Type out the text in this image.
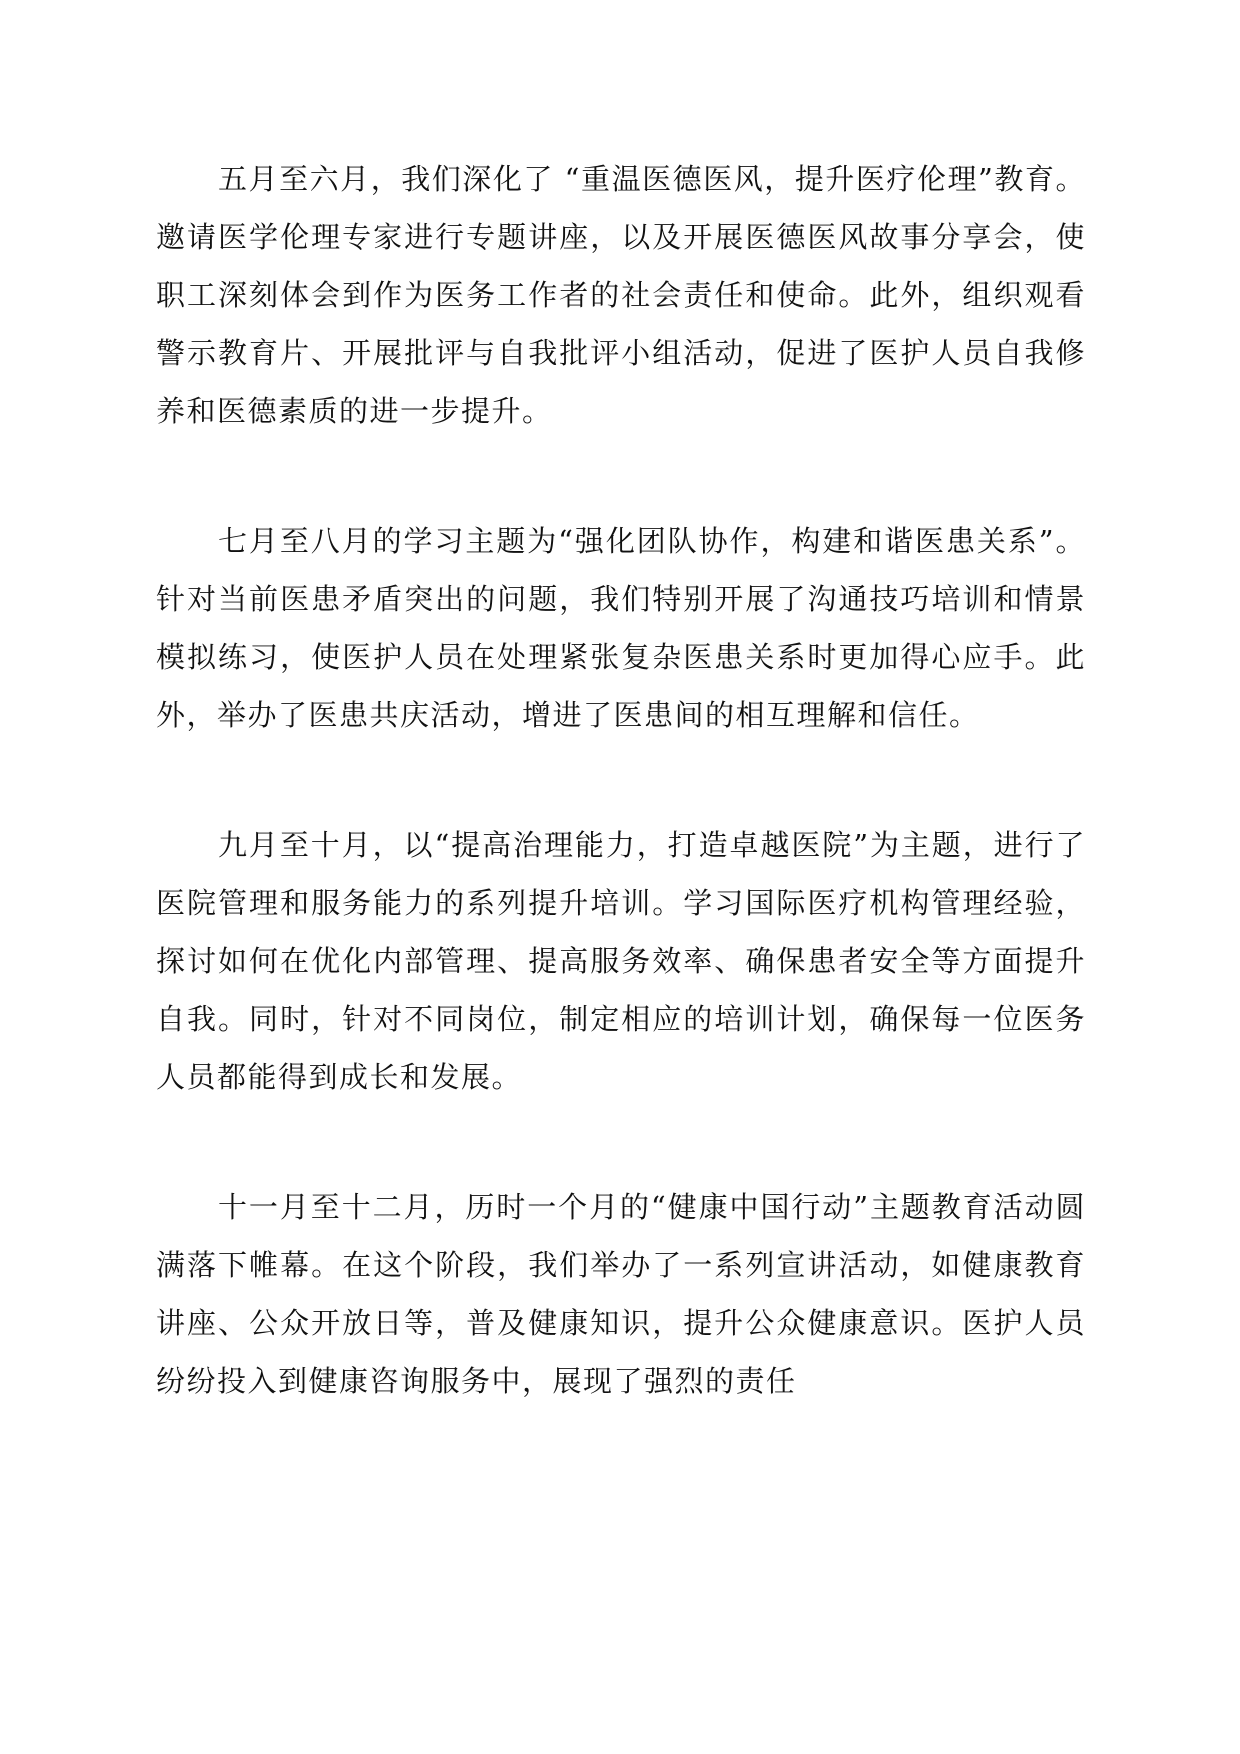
五月至六月，我们深化了 “重温医德医风，提升医疗伦理”教育。邀请医学伦理专家进行专题讲座，以及开展医德医风故事分享会，使职工深刻体会到作为医务工作者的社会责任和使命。此外，组织观看警示教育片、开展批评与自我批评小组活动，促进了医护人员自我修养和医德素质的进一步提升。

七月至八月的学习主题为“强化团队协作，构建和谐医患关系”。针对当前医患矛盾突出的问题，我们特别开展了沟通技巧培训和情景模拟练习，使医护人员在处理紧张复杂医患关系时更加得心应手。此外，举办了医患共庆活动，增进了医患间的相互理解和信任。

九月至十月，以“提高治理能力，打造卓越医院”为主题，进行了医院管理和服务能力的系列提升培训。学习国际医疗机构管理经验，探讨如何在优化内部管理、提高服务效率、确保患者安全等方面提升自我。同时，针对不同岗位，制定相应的培训计划，确保每一位医务人员都能得到成长和发展。

十一月至十二月，历时一个月的“健康中国行动”主题教育活动圆满落下帷幕。在这个阶段，我们举办了一系列宣讲活动，如健康教育讲座、公众开放日等，普及健康知识，提升公众健康意识。医护人员纷纷投入到健康咨询服务中，展现了强烈的责任
